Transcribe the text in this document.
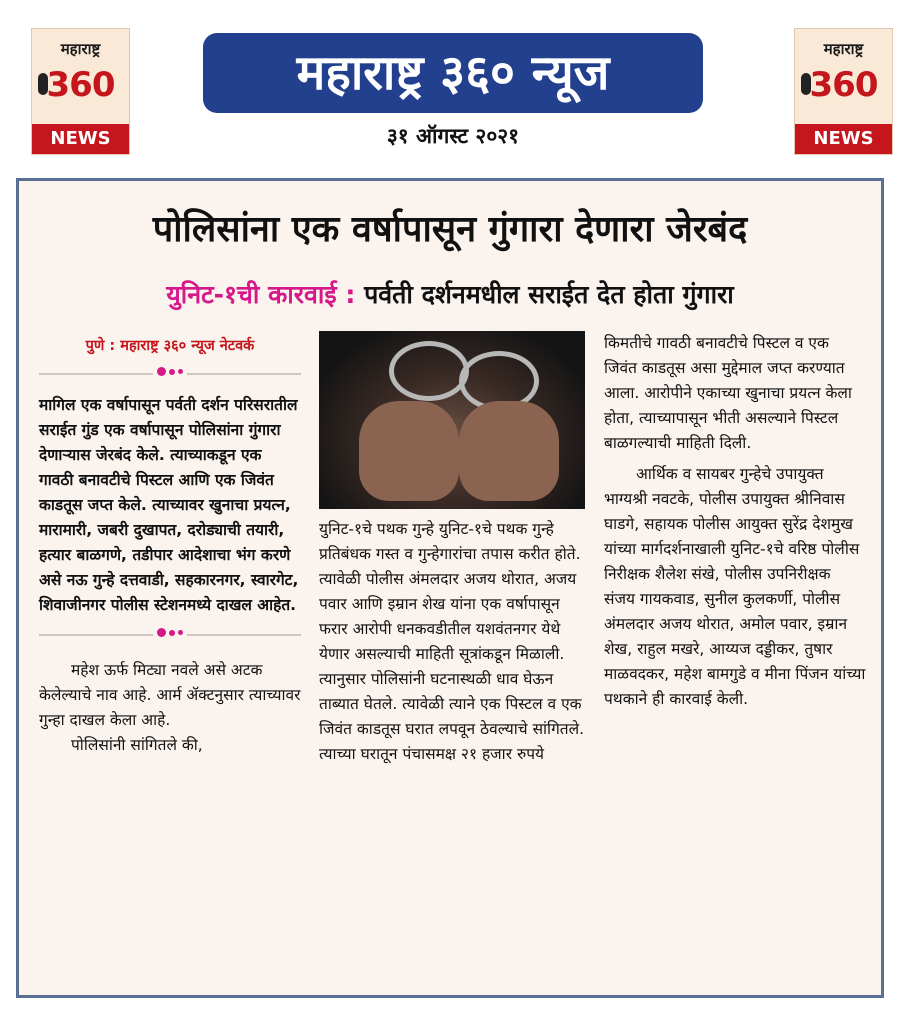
महाराष्ट्र
360
NEWS
महाराष्ट्र ३६० न्यूज
३१ ऑगस्ट २०२१
महाराष्ट्र
360
NEWS
पोलिसांना एक वर्षापासून गुंगारा देणारा जेरबंद
युनिट-१ची कारवाई : पर्वती दर्शनमधील सराईत देत होता गुंगारा
पुणे : महाराष्ट्र ३६० न्यूज नेटवर्क

मागिल एक वर्षापासून पर्वती दर्शन परिसरातील सराईत गुंड एक वर्षापासून पोलिसांना गुंगारा देणाऱ्यास जेरबंद केले. त्याच्याकडून एक गावठी बनावटीचे पिस्टल आणि एक जिवंत काडतूस जप्त केले. त्याच्यावर खुनाचा प्रयत्न, मारामारी, जबरी दुखापत, दरोड्याची तयारी, हत्यार बाळगणे, तडीपार आदेशाचा भंग करणे असे नऊ गुन्हे दत्तवाडी, सहकारनगर, स्वारगेट, शिवाजीनगर पोलीस स्टेशनमध्ये दाखल आहेत.

महेश ऊर्फ मिट्या नवले असे अटक केलेल्याचे नाव आहे. आर्म ॲक्टनुसार त्याच्यावर गुन्हा दाखल केला आहे.

पोलिसांनी सांगितले की,

युनिट-१चे पथक गुन्हे युनिट-१चे पथक गुन्हे प्रतिबंधक गस्त व गुन्हेगारांचा तपास करीत होते. त्यावेळी पोलीस अंमलदार अजय थोरात, अजय पवार आणि इम्रान शेख यांना एक वर्षापासून फरार आरोपी धनकवडीतील यशवंतनगर येथे येणार असल्याची माहिती सूत्रांकडून मिळाली. त्यानुसार पोलिसांनी घटनास्थळी धाव घेऊन ताब्यात घेतले. त्यावेळी त्याने एक पिस्टल व एक जिवंत काडतूस घरात लपवून ठेवल्याचे सांगितले. त्याच्या घरातून पंचासमक्ष २१ हजार रुपये

किमतीचे गावठी बनावटीचे पिस्टल व एक जिवंत काडतूस असा मुद्देमाल जप्त करण्यात आला. आरोपीने एकाच्या खुनाचा प्रयत्न केला होता, त्याच्यापासून भीती असल्याने पिस्टल बाळगल्याची माहिती दिली.

आर्थिक व सायबर गुन्हेचे उपायुक्त भाग्यश्री नवटके, पोलीस उपायुक्त श्रीनिवास घाडगे, सहायक पोलीस आयुक्त सुरेंद्र देशमुख यांच्या मार्गदर्शनाखाली युनिट-१चे वरिष्ठ पोलीस निरीक्षक शैलेश संखे, पोलीस उपनिरीक्षक संजय गायकवाड, सुनील कुलकर्णी, पोलीस अंमलदार अजय थोरात, अमोल पवार, इम्रान शेख, राहुल मखरे, आय्यज दड्डीकर, तुषार माळवदकर, महेश बामगुडे व मीना पिंजन यांच्या पथकाने ही कारवाई केली.
